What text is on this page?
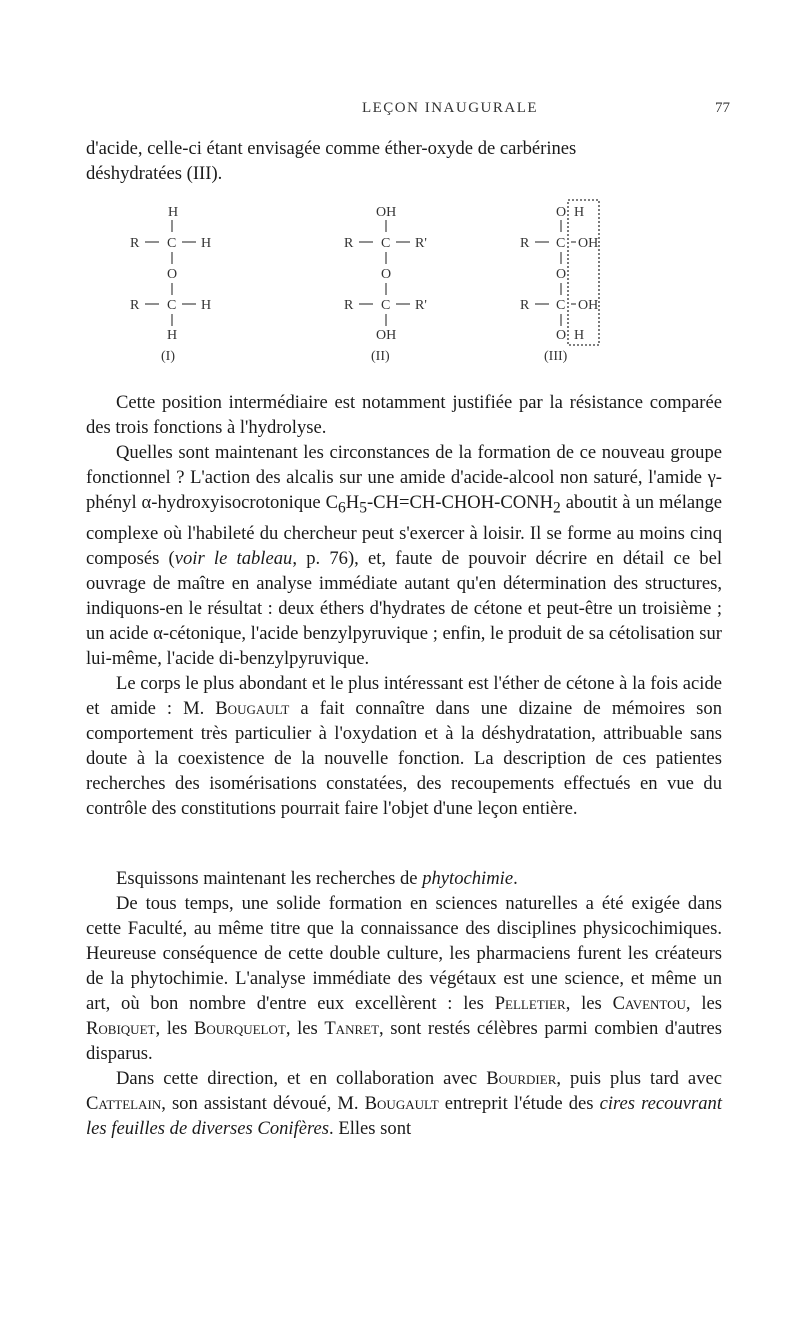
LEÇON INAUGURALE	77

d'acide, celle-ci étant envisagée comme éther-oxyde de carbérines

déshydratées (III).

H
R C H
O
R C H
H
(I)
OH
R C R'
O
R C R'
OH
(II)
O H
R C OH
O
R C OH
O H
(III)

Cette position intermédiaire est notamment justifiée par la résistance comparée des trois fonctions à l'hydrolyse.

Quelles sont maintenant les circonstances de la formation de ce nouveau groupe fonctionnel ? L'action des alcalis sur une amide d'acide-alcool non saturé, l'amide γ-phényl α-hydroxyisocrotonique $C_6H_5-CH=CH-CHOH-CONH_2$ aboutit à un mélange complexe où l'habileté du chercheur peut s'exercer à loisir. Il se forme au moins cinq composés (voir le tableau, p. 76), et, faute de pouvoir décrire en détail ce bel ouvrage de maître en analyse immédiate autant qu'en détermination des structures, indiquons-en le résultat : deux éthers d'hydrates de cétone et peut-être un troisième ; un acide α-cétonique, l'acide benzylpyruvique ; enfin, le produit de sa cétolisation sur lui-même, l'acide di-benzylpyruvique.

Le corps le plus abondant et le plus intéressant est l'éther de cétone à la fois acide et amide : M. Bougault a fait connaître dans une dizaine de mémoires son comportement très particulier à l'oxydation et à la déshydratation, attribuable sans doute à la coexistence de la nouvelle fonction. La description de ces patientes recherches des isomérisations constatées, des recoupements effectués en vue du contrôle des constitutions pourrait faire l'objet d'une leçon entière.

Esquissons maintenant les recherches de phytochimie.

De tous temps, une solide formation en sciences naturelles a été exigée dans cette Faculté, au même titre que la connaissance des disciplines physicochimiques. Heureuse conséquence de cette double culture, les pharmaciens furent les créateurs de la phytochimie. L'analyse immédiate des végétaux est une science, et même un art, où bon nombre d'entre eux excellèrent : les Pelletier, les Caventou, les Robiquet, les Bourquelot, les Tanret, sont restés célèbres parmi combien d'autres disparus.

Dans cette direction, et en collaboration avec Bourdier, puis plus tard avec Cattelain, son assistant dévoué, M. Bougault entreprit l'étude des cires recouvrant les feuilles de diverses Conifères. Elles sont
